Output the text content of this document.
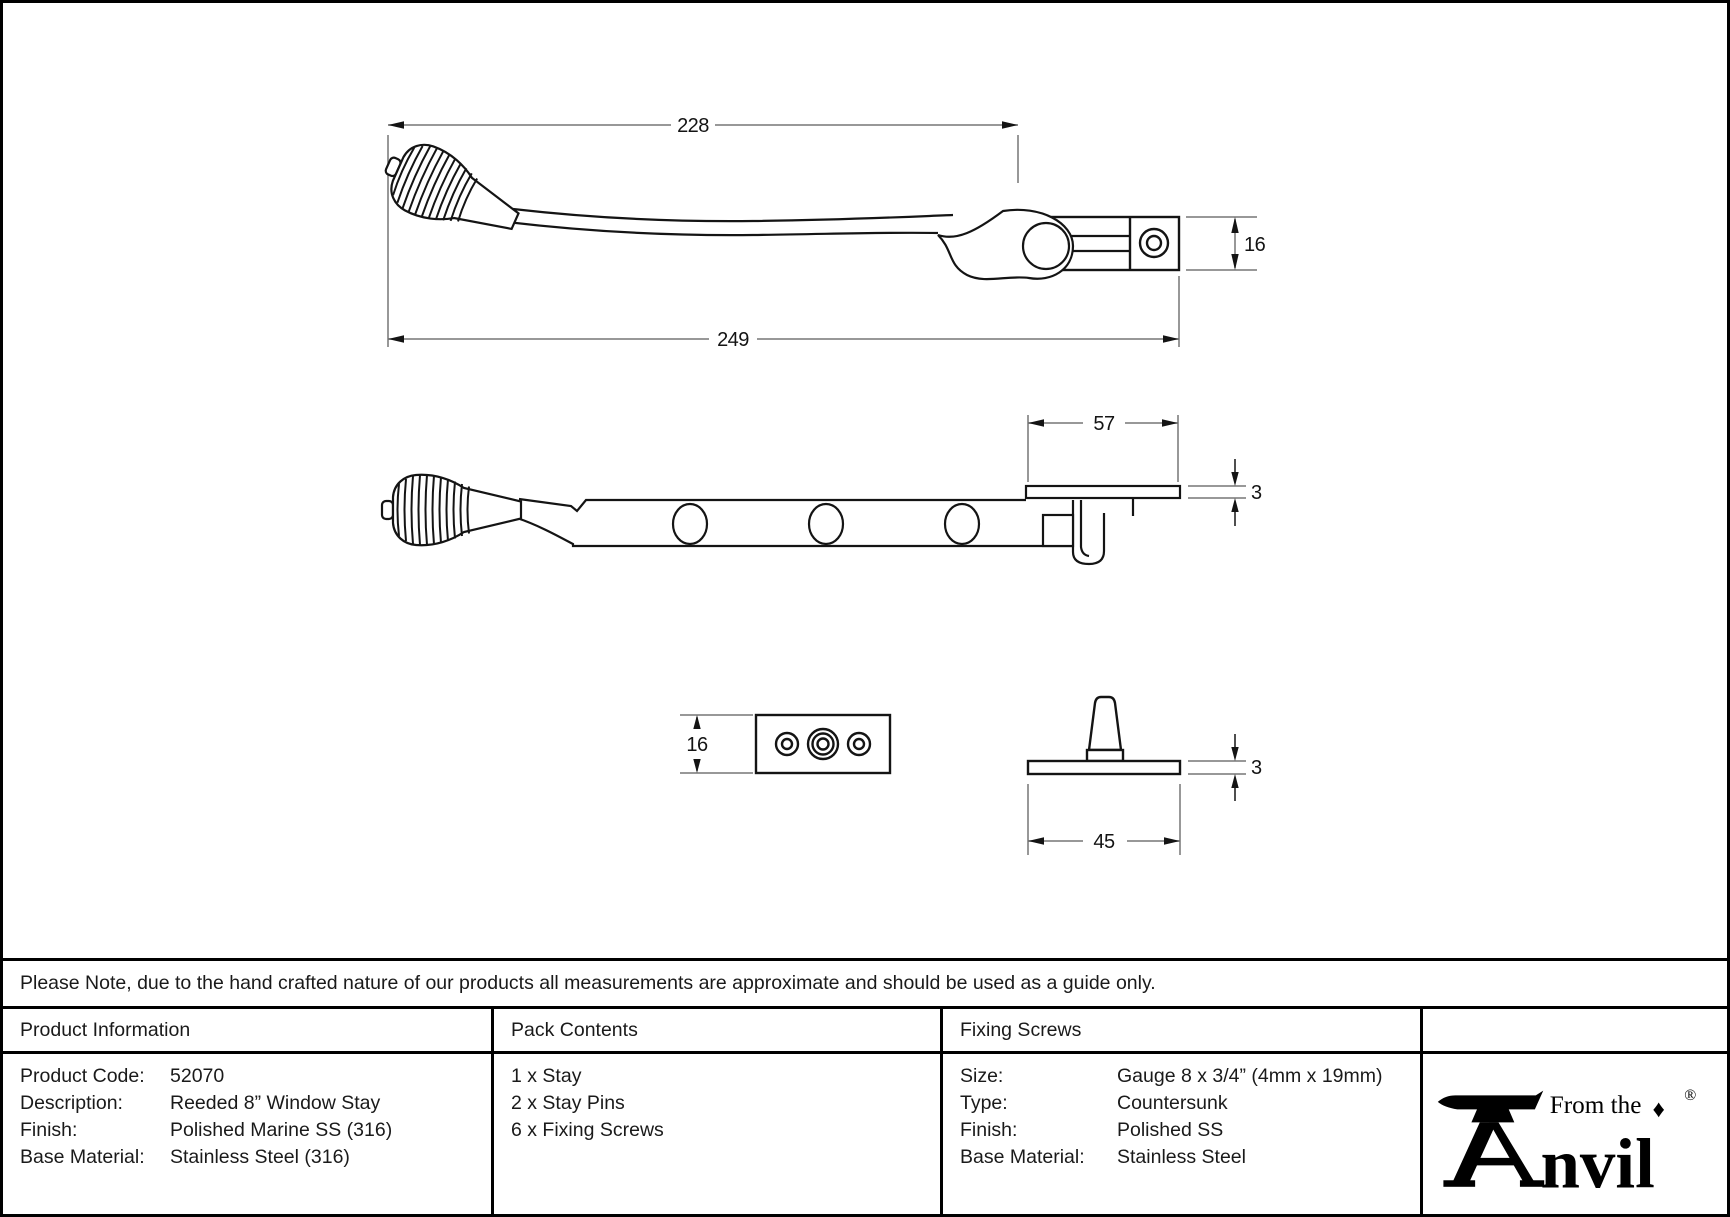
228
16
249
57
3
16
3
45
Please Note, due to the hand crafted nature of our products all measurements are approximate and should be used as a guide only.
Product Information	Pack Contents	Fixing Screws
Product Code:	52070
Description:	Reeded 8” Window Stay
Finish:	Polished Marine SS (316)
Base Material:	Stainless Steel (316)
1 x Stay
2 x Stay Pins
6 x Fixing Screws
Size:	Gauge 8 x 3/4” (4mm x 19mm)
Type:	Countersunk
Finish:	Polished SS
Base Material:	Stainless Steel
From the ♦
nvil
®
